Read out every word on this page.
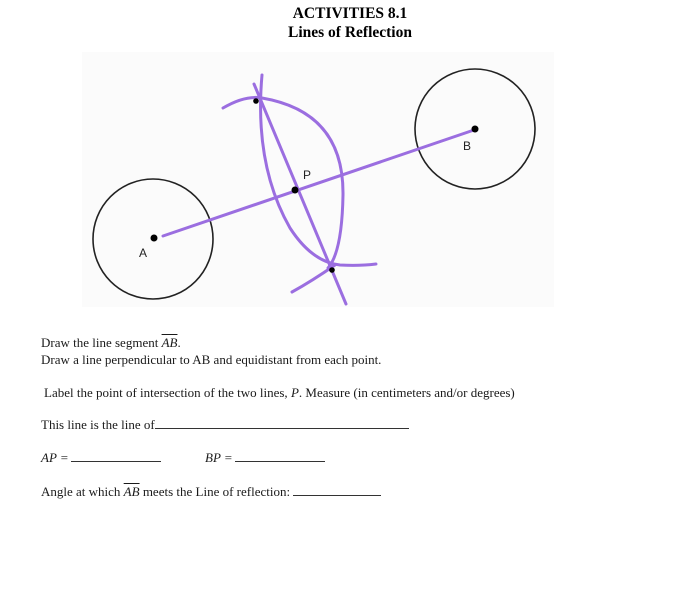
ACTIVITIES 8.1
Lines of Reflection
A
B
P
Draw the line segment $\overline{AB}$.
Draw a line perpendicular to AB and equidistant from each point.
Label the point of intersection of the two lines, P. Measure (in centimeters and/or degrees)
This line is the line of
AP =	BP =
Angle at which $\overline{AB}$ meets the Line of reflection:
